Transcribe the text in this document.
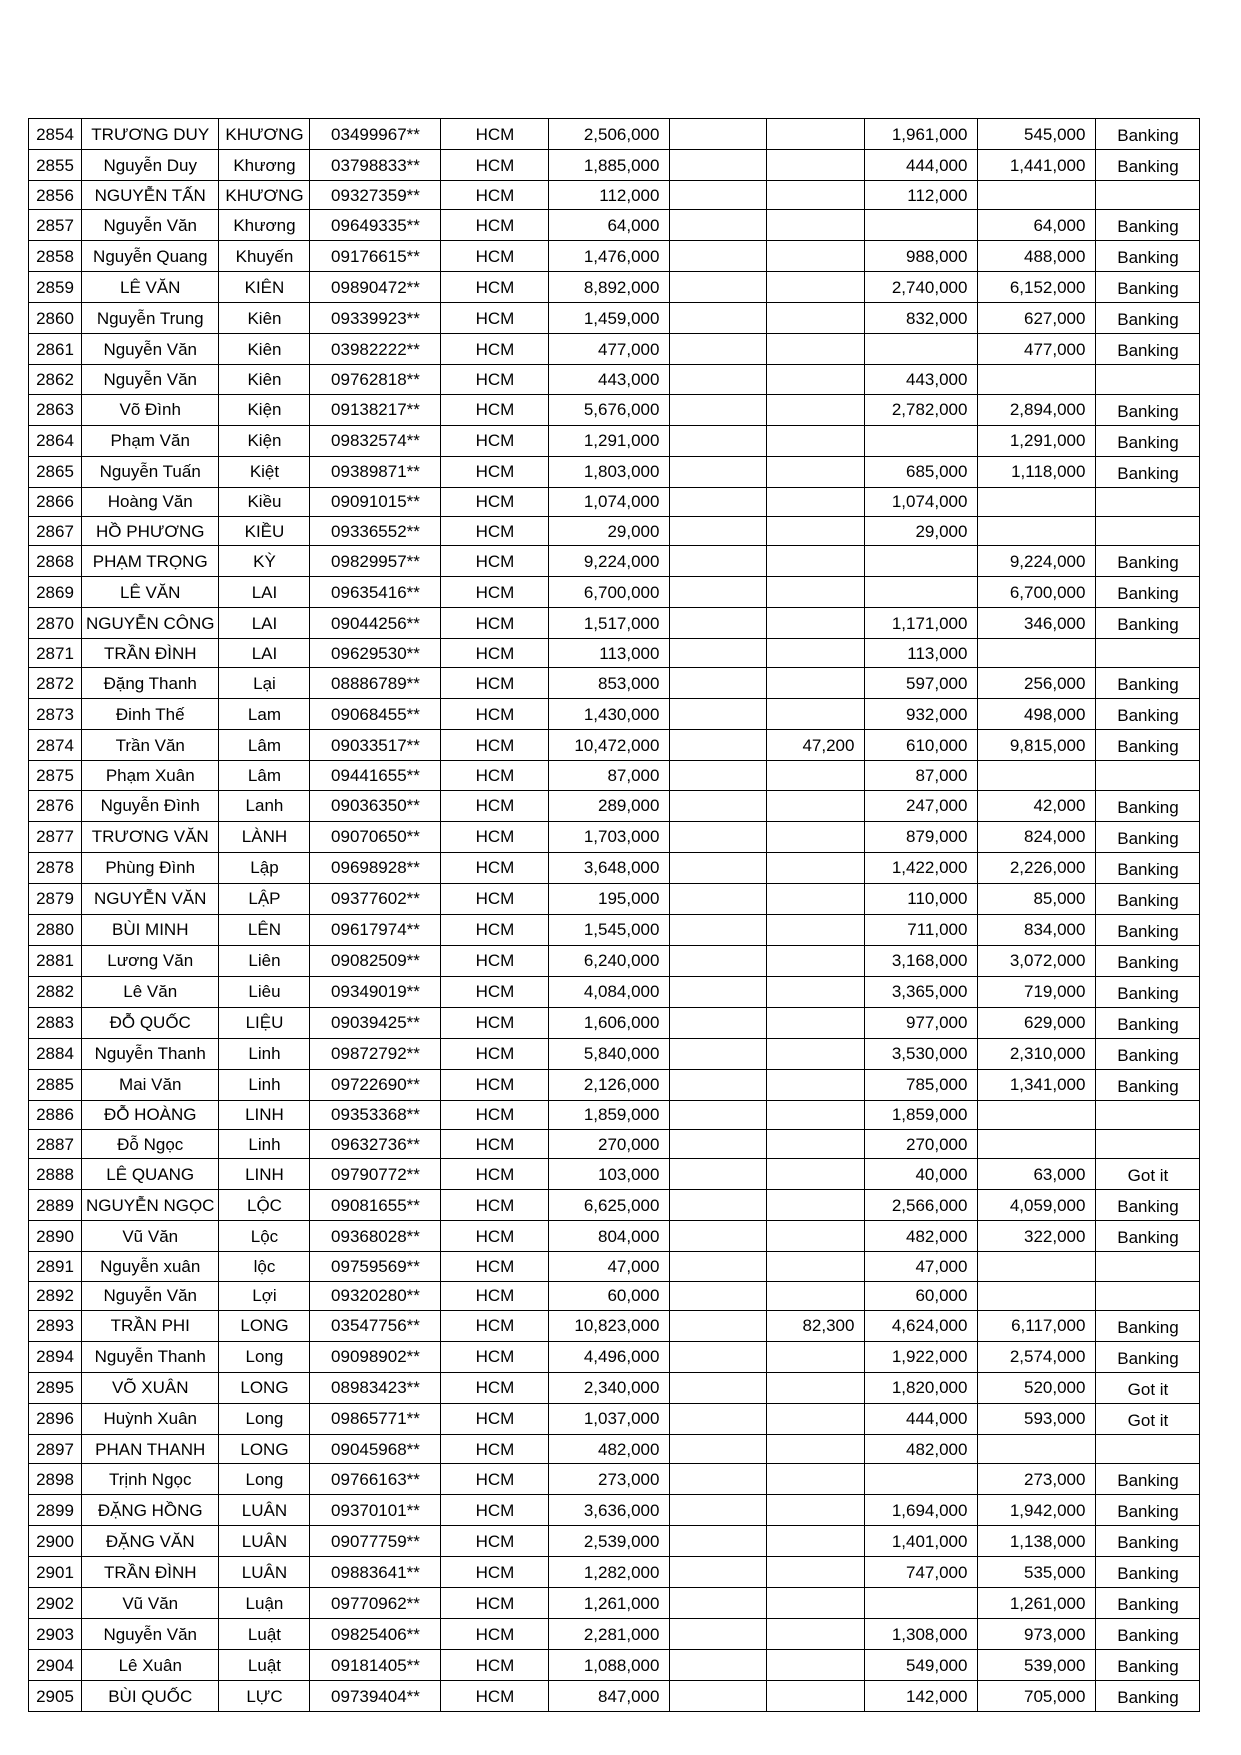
2854	TRƯƠNG DUY	KHƯƠNG	03499967**	HCM	2,506,000			1,961,000	545,000	Banking
2855	Nguyễn Duy	Khương	03798833**	HCM	1,885,000			444,000	1,441,000	Banking
2856	NGUYỄN TẤN	KHƯƠNG	09327359**	HCM	112,000			112,000		
2857	Nguyễn Văn	Khương	09649335**	HCM	64,000				64,000	Banking
2858	Nguyễn Quang	Khuyến	09176615**	HCM	1,476,000			988,000	488,000	Banking
2859	LÊ VĂN	KIÊN	09890472**	HCM	8,892,000			2,740,000	6,152,000	Banking
2860	Nguyễn Trung	Kiên	09339923**	HCM	1,459,000			832,000	627,000	Banking
2861	Nguyễn Văn	Kiên	03982222**	HCM	477,000				477,000	Banking
2862	Nguyễn Văn	Kiên	09762818**	HCM	443,000			443,000		
2863	Võ Đình	Kiện	09138217**	HCM	5,676,000			2,782,000	2,894,000	Banking
2864	Phạm Văn	Kiện	09832574**	HCM	1,291,000				1,291,000	Banking
2865	Nguyễn Tuấn	Kiệt	09389871**	HCM	1,803,000			685,000	1,118,000	Banking
2866	Hoàng Văn	Kiều	09091015**	HCM	1,074,000			1,074,000		
2867	HỒ PHƯƠNG	KIỀU	09336552**	HCM	29,000			29,000		
2868	PHẠM TRỌNG	KỲ	09829957**	HCM	9,224,000				9,224,000	Banking
2869	LÊ VĂN	LAI	09635416**	HCM	6,700,000				6,700,000	Banking
2870	NGUYỄN CÔNG	LAI	09044256**	HCM	1,517,000			1,171,000	346,000	Banking
2871	TRẦN ĐÌNH	LAI	09629530**	HCM	113,000			113,000		
2872	Đặng Thanh	Lại	08886789**	HCM	853,000			597,000	256,000	Banking
2873	Đinh Thế	Lam	09068455**	HCM	1,430,000			932,000	498,000	Banking
2874	Trần Văn	Lâm	09033517**	HCM	10,472,000		47,200	610,000	9,815,000	Banking
2875	Phạm Xuân	Lâm	09441655**	HCM	87,000			87,000		
2876	Nguyễn Đình	Lanh	09036350**	HCM	289,000			247,000	42,000	Banking
2877	TRƯƠNG VĂN	LÀNH	09070650**	HCM	1,703,000			879,000	824,000	Banking
2878	Phùng Đình	Lập	09698928**	HCM	3,648,000			1,422,000	2,226,000	Banking
2879	NGUYỄN VĂN	LẬP	09377602**	HCM	195,000			110,000	85,000	Banking
2880	BÙI MINH	LÊN	09617974**	HCM	1,545,000			711,000	834,000	Banking
2881	Lương Văn	Liên	09082509**	HCM	6,240,000			3,168,000	3,072,000	Banking
2882	Lê Văn	Liêu	09349019**	HCM	4,084,000			3,365,000	719,000	Banking
2883	ĐỖ QUỐC	LIỆU	09039425**	HCM	1,606,000			977,000	629,000	Banking
2884	Nguyễn Thanh	Linh	09872792**	HCM	5,840,000			3,530,000	2,310,000	Banking
2885	Mai Văn	Linh	09722690**	HCM	2,126,000			785,000	1,341,000	Banking
2886	ĐỖ HOÀNG	LINH	09353368**	HCM	1,859,000			1,859,000		
2887	Đỗ Ngọc	Linh	09632736**	HCM	270,000			270,000		
2888	LÊ QUANG	LINH	09790772**	HCM	103,000			40,000	63,000	Got it
2889	NGUYỄN NGỌC	LỘC	09081655**	HCM	6,625,000			2,566,000	4,059,000	Banking
2890	Vũ Văn	Lộc	09368028**	HCM	804,000			482,000	322,000	Banking
2891	Nguyễn xuân	lộc	09759569**	HCM	47,000			47,000		
2892	Nguyễn Văn	Lợi	09320280**	HCM	60,000			60,000		
2893	TRẦN PHI	LONG	03547756**	HCM	10,823,000		82,300	4,624,000	6,117,000	Banking
2894	Nguyễn Thanh	Long	09098902**	HCM	4,496,000			1,922,000	2,574,000	Banking
2895	VÕ XUÂN	LONG	08983423**	HCM	2,340,000			1,820,000	520,000	Got it
2896	Huỳnh Xuân	Long	09865771**	HCM	1,037,000			444,000	593,000	Got it
2897	PHAN THANH	LONG	09045968**	HCM	482,000			482,000		
2898	Trịnh Ngọc	Long	09766163**	HCM	273,000				273,000	Banking
2899	ĐẶNG HỒNG	LUÂN	09370101**	HCM	3,636,000			1,694,000	1,942,000	Banking
2900	ĐẶNG VĂN	LUÂN	09077759**	HCM	2,539,000			1,401,000	1,138,000	Banking
2901	TRẦN ĐÌNH	LUÂN	09883641**	HCM	1,282,000			747,000	535,000	Banking
2902	Vũ Văn	Luận	09770962**	HCM	1,261,000				1,261,000	Banking
2903	Nguyễn Văn	Luật	09825406**	HCM	2,281,000			1,308,000	973,000	Banking
2904	Lê Xuân	Luật	09181405**	HCM	1,088,000			549,000	539,000	Banking
2905	BÙI QUỐC	LỰC	09739404**	HCM	847,000			142,000	705,000	Banking
